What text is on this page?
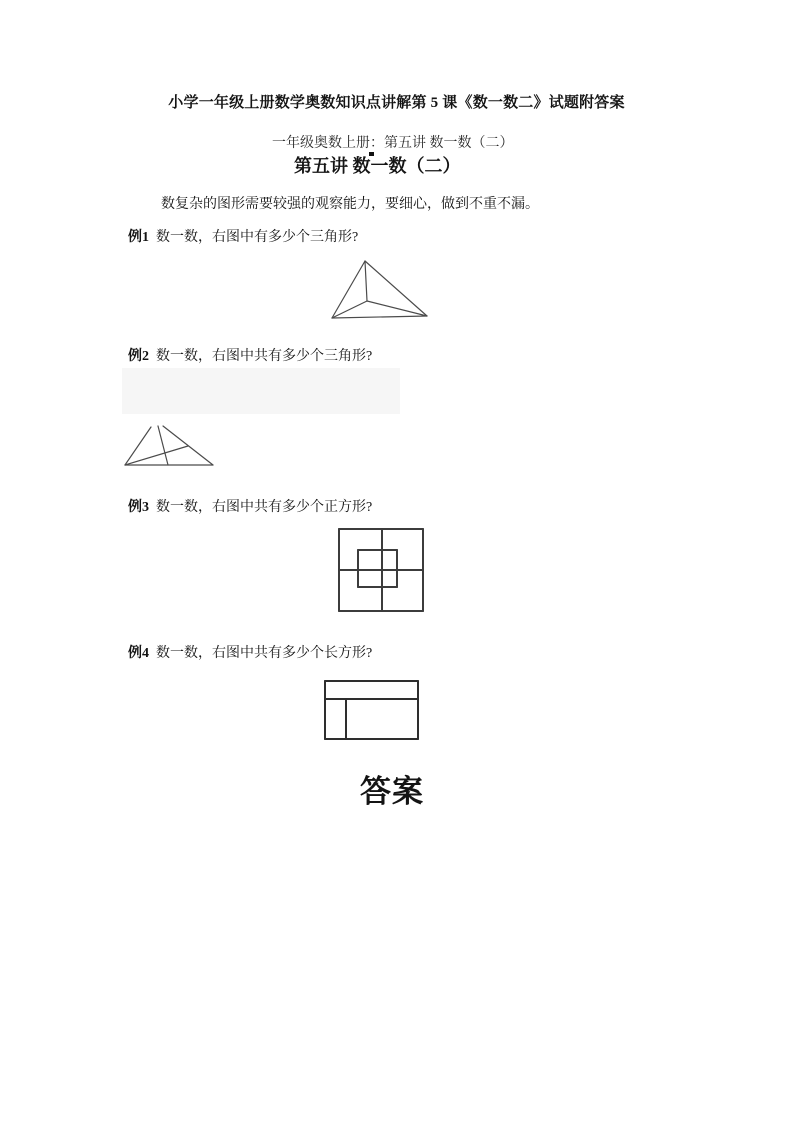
小学一年级上册数学奥数知识点讲解第 5 课《数一数二》试题附答案
一年级奥数上册：第五讲 数一数（二）
第五讲 数一数（二）
数复杂的图形需要较强的观察能力，要细心，做到不重不漏。
例1 数一数，右图中有多少个三角形?
例2 数一数，右图中共有多少个三角形?
例3 数一数，右图中共有多少个正方形?
例4 数一数，右图中共有多少个长方形?
答案
